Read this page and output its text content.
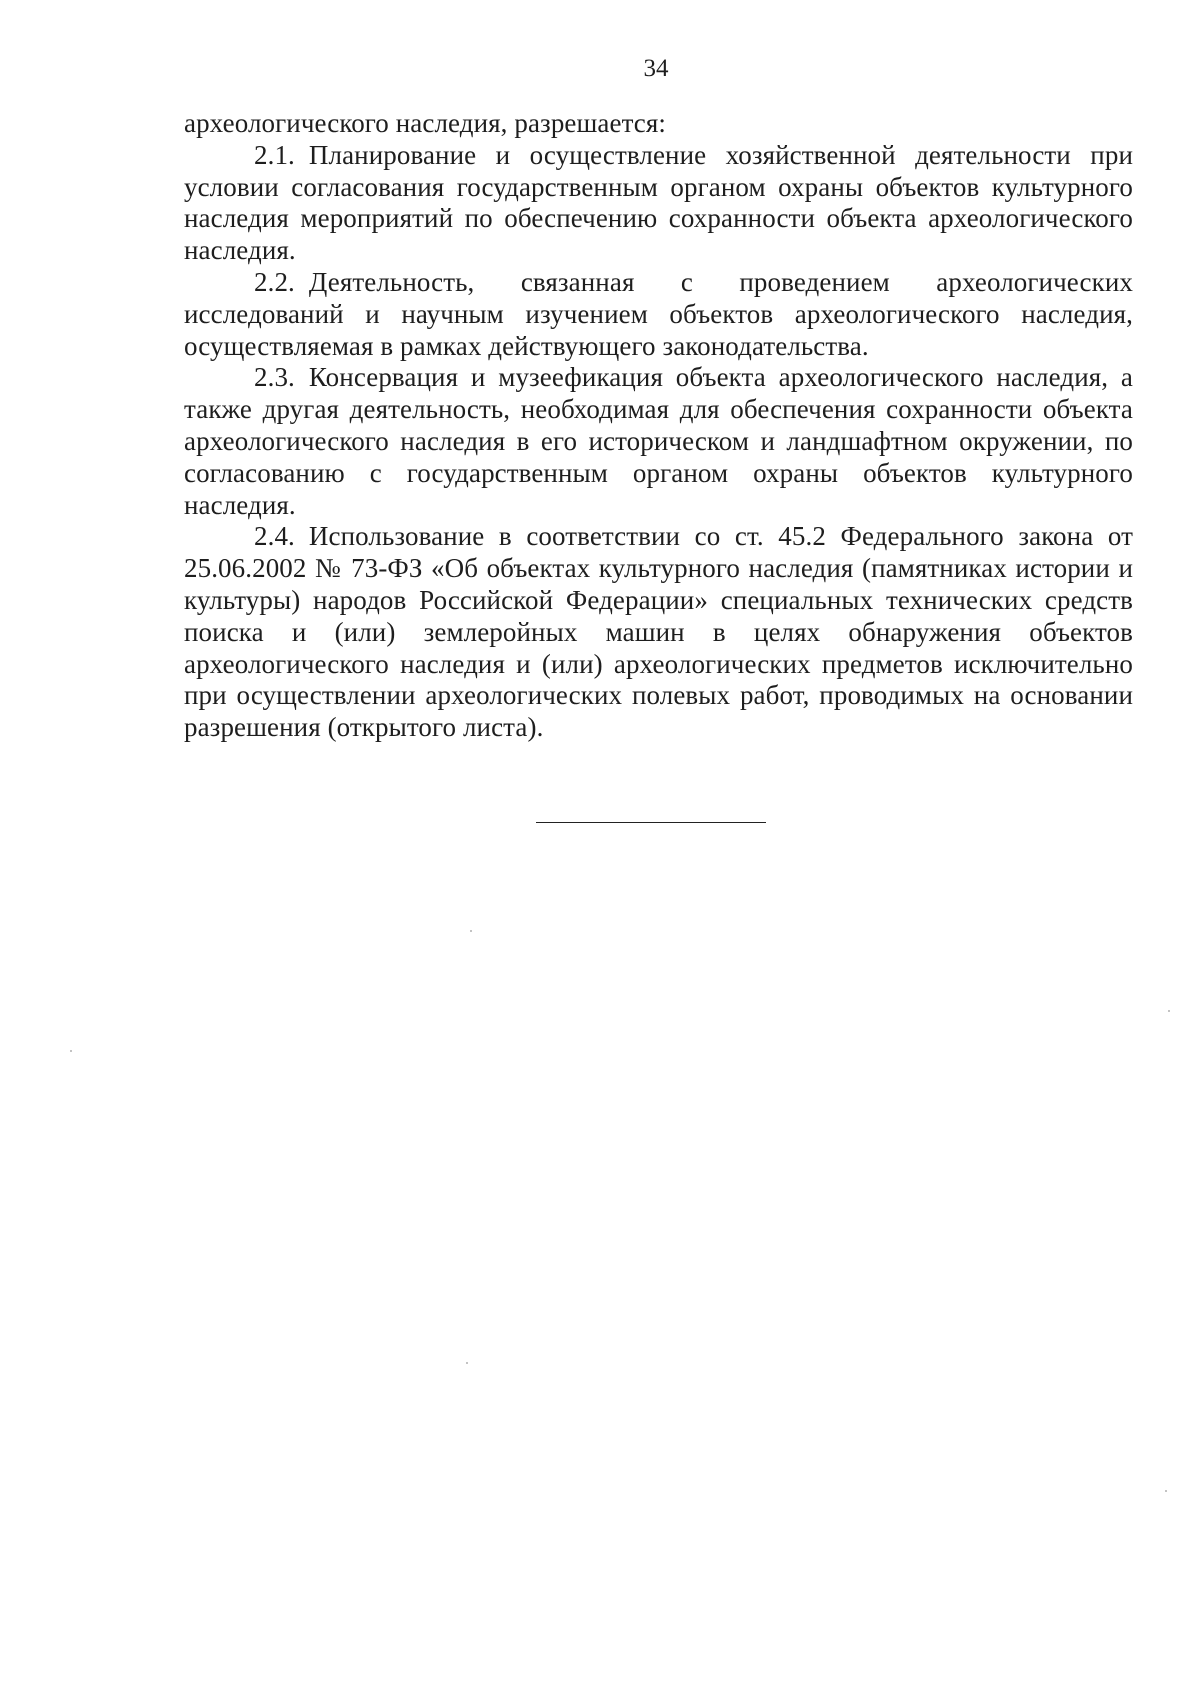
34

археологического наследия, разрешается:

2.1. Планирование и осуществление хозяйственной деятельности при условии согласования государственным органом охраны объектов культурного наследия мероприятий по обеспечению сохранности объекта археологического наследия.

2.2. Деятельность, связанная с проведением археологических исследований и научным изучением объектов археологического наследия, осуществляемая в рамках действующего законодательства.

2.3. Консервация и музеефикация объекта археологического наследия, а также другая деятельность, необходимая для обеспечения сохранности объекта археологического наследия в его историческом и ландшафтном окружении, по согласованию с государственным органом охраны объектов культурного наследия.

2.4. Использование в соответствии со ст. 45.2 Федерального закона от 25.06.2002 № 73-ФЗ «Об объектах культурного наследия (памятниках истории и культуры) народов Российской Федерации» специальных технических средств поиска и (или) землеройных машин в целях обнаружения объектов археологического наследия и (или) археологических предметов исключительно при осуществлении археологических полевых работ, проводимых на основании разрешения (открытого листа).
